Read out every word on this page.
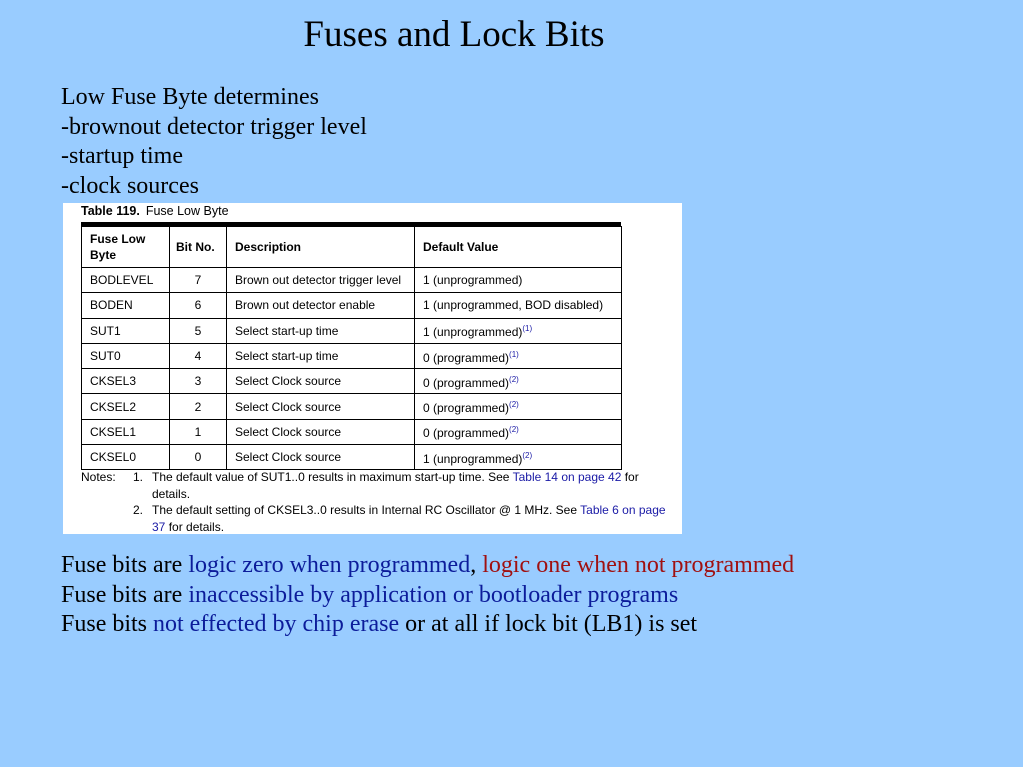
Fuses and Lock Bits
Low Fuse Byte determines
-brownout detector trigger level
-startup time
-clock sources
Table 119. Fuse Low Byte
Fuse Low
Byte	Bit No.	Description	Default Value
BODLEVEL	7	Brown out detector trigger level	1 (unprogrammed)
BODEN	6	Brown out detector enable	1 (unprogrammed, BOD disabled)
SUT1	5	Select start-up time	1 (unprogrammed)$^{(1)}$
SUT0	4	Select start-up time	0 (programmed)$^{(1)}$
CKSEL3	3	Select Clock source	0 (programmed)$^{(2)}$
CKSEL2	2	Select Clock source	0 (programmed)$^{(2)}$
CKSEL1	1	Select Clock source	0 (programmed)$^{(2)}$
CKSEL0	0	Select Clock source	1 (unprogrammed)$^{(2)}$
Notes: 1. The default value of SUT1..0 results in maximum start-up time. See Table 14 on page 42 for details.
2. The default setting of CKSEL3..0 results in Internal RC Oscillator @ 1 MHz. See Table 6 on page 37 for details.
Fuse bits are logic zero when programmed, logic one when not programmed
Fuse bits are inaccessible by application or bootloader programs
Fuse bits not effected by chip erase or at all if lock bit (LB1) is set
